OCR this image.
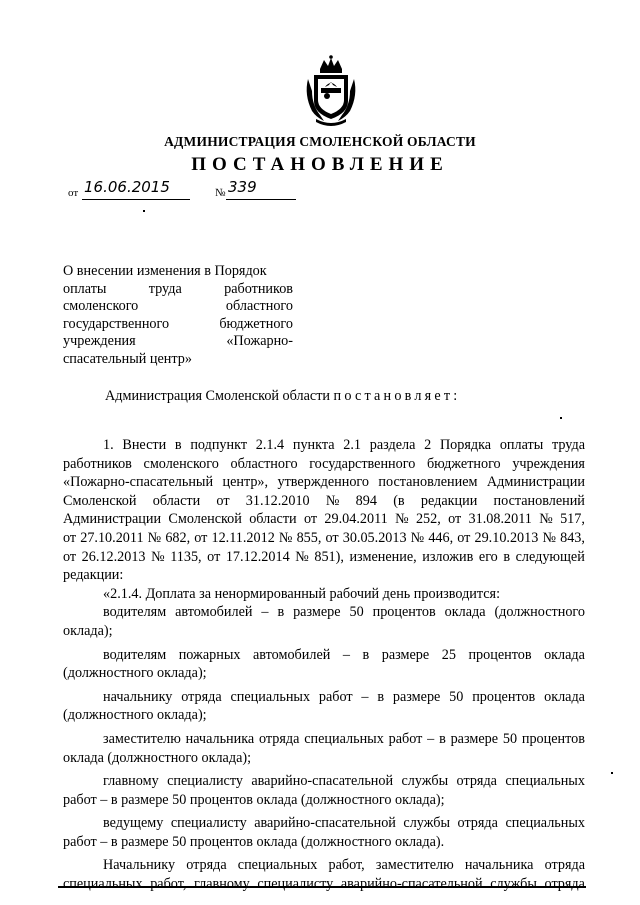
АДМИНИСТРАЦИЯ СМОЛЕНСКОЙ ОБЛАСТИ
ПОСТАНОВЛЕНИЕ
от 16.06.2015	№ 339
О внесении изменения в Порядок
оплаты	труда	работников
смоленского	областного
государственного	бюджетного
учреждения	«Пожарно-
спасательный центр»
Администрация Смоленской области постановляет:
1. Внести в подпункт 2.1.4 пункта 2.1 раздела 2 Порядка оплаты труда
работников смоленского областного государственного бюджетного учреждения
«Пожарно-спасательный центр», утвержденного постановлением Администрации
Смоленской области от 31.12.2010 № 894 (в редакции постановлений
Администрации Смоленской области от 29.04.2011 № 252, от 31.08.2011 № 517,
от 27.10.2011 № 682, от 12.11.2012 № 855, от 30.05.2013 № 446, от 29.10.2013 № 843,
от 26.12.2013 № 1135, от 17.12.2014 № 851), изменение, изложив его в следующей
редакции:
«2.1.4. Доплата за ненормированный рабочий день производится:
водителям автомобилей – в размере 50 процентов оклада (должностного
оклада);
водителям пожарных автомобилей – в размере 25 процентов оклада
(должностного оклада);
начальнику отряда специальных работ – в размере 50 процентов оклада
(должностного оклада);
заместителю начальника отряда специальных работ – в размере 50 процентов
оклада (должностного оклада);
главному специалисту аварийно-спасательной службы отряда специальных
работ – в размере 50 процентов оклада (должностного оклада);
ведущему специалисту аварийно-спасательной службы отряда специальных
работ – в размере 50 процентов оклада (должностного оклада).
Начальнику отряда специальных работ, заместителю начальника отряда
специальных работ, главному специалисту аварийно-спасательной службы отряда
